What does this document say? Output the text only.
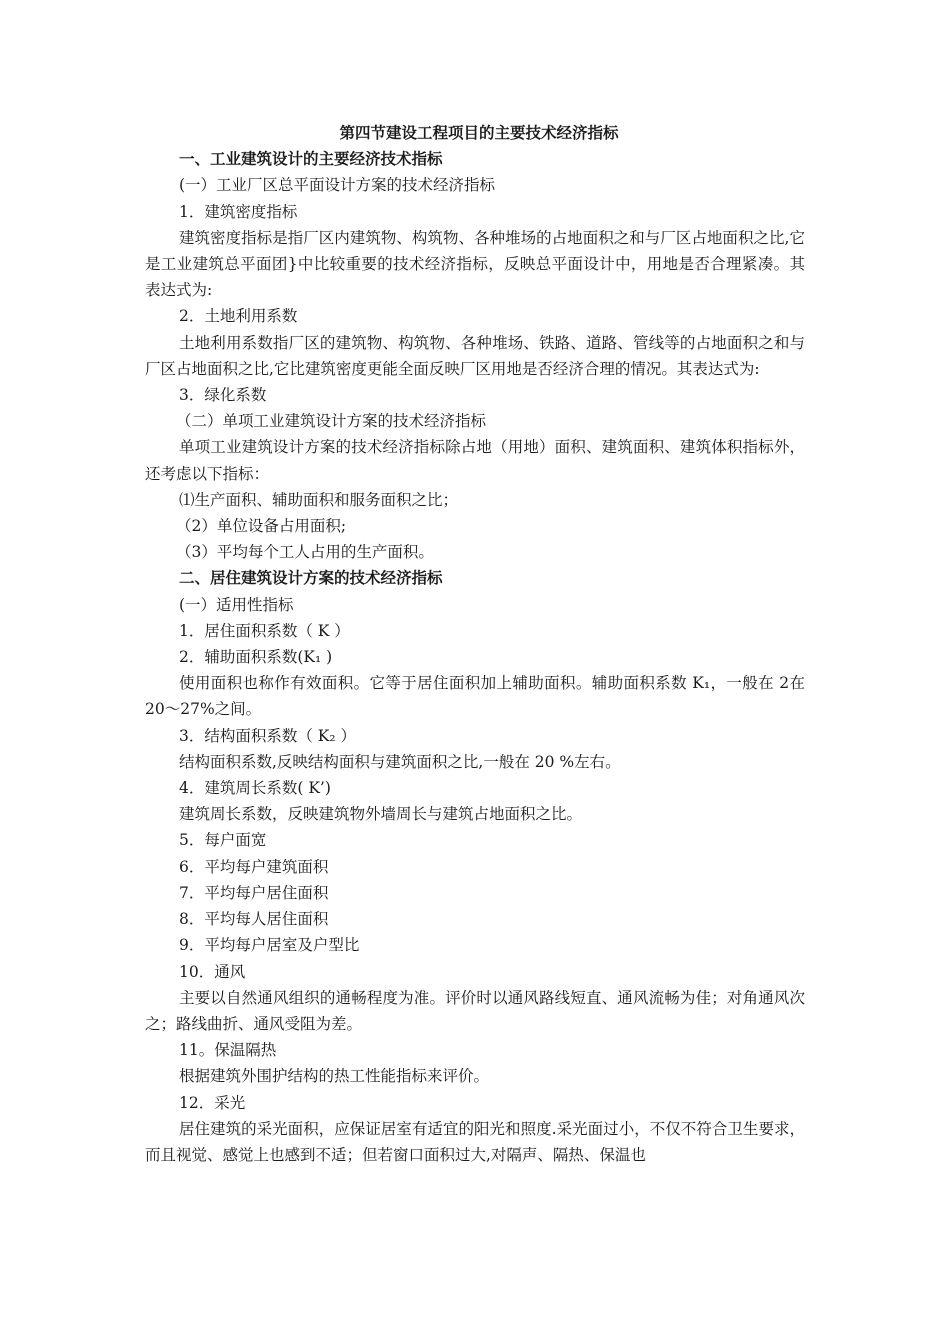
第四节建设工程项目的主要技术经济指标

一、工业建筑设计的主要经济技术指标

(一）工业厂区总平面设计方案的技术经济指标

1．建筑密度指标

建筑密度指标是指厂区内建筑物、构筑物、各种堆场的占地面积之和与厂区占地面积之比,它是工业建筑总平面团}中比较重要的技术经济指标，反映总平面设计中，用地是否合理紧凑。其表达式为:

2．土地利用系数

土地利用系数指厂区的建筑物、构筑物、各种堆场、铁路、道路、管线等的占地面积之和与厂区占地面积之比,它比建筑密度更能全面反映厂区用地是否经济合理的情况。其表达式为:

3．绿化系数

（二）单项工业建筑设计方案的技术经济指标

单项工业建筑设计方案的技术经济指标除占地（用地）面积、建筑面积、建筑体积指标外，还考虑以下指标：

⑴生产面积、辅助面积和服务面积之比；

（2）单位设备占用面积;

（3）平均每个工人占用的生产面积。

二、居住建筑设计方案的技术经济指标

(一）适用性指标

1．居住面积系数（ K ）

2．辅助面积系数(K₁ )

使用面积也称作有效面积。它等于居住面积加上辅助面积。辅助面积系数 K₁，一般在 2在20～27%之间。

3．结构面积系数（ K₂ ）

结构面积系数,反映结构面积与建筑面积之比,一般在 20 %左右。

4．建筑周长系数( K’)

建筑周长系数，反映建筑物外墙周长与建筑占地面积之比。

5．每户面宽

6．平均每户建筑面积

7．平均每户居住面积

8．平均每人居住面积

9．平均每户居室及户型比

10．通风

主要以自然通风组织的通畅程度为准。评价时以通风路线短直、通风流畅为佳；对角通风次之；路线曲折、通风受阻为差。

11。保温隔热

根据建筑外围护结构的热工性能指标来评价。

12．采光

居住建筑的采光面积，应保证居室有适宜的阳光和照度.采光面过小，不仅不符合卫生要求，而且视觉、感觉上也感到不适；但若窗口面积过大,对隔声、隔热、保温也
